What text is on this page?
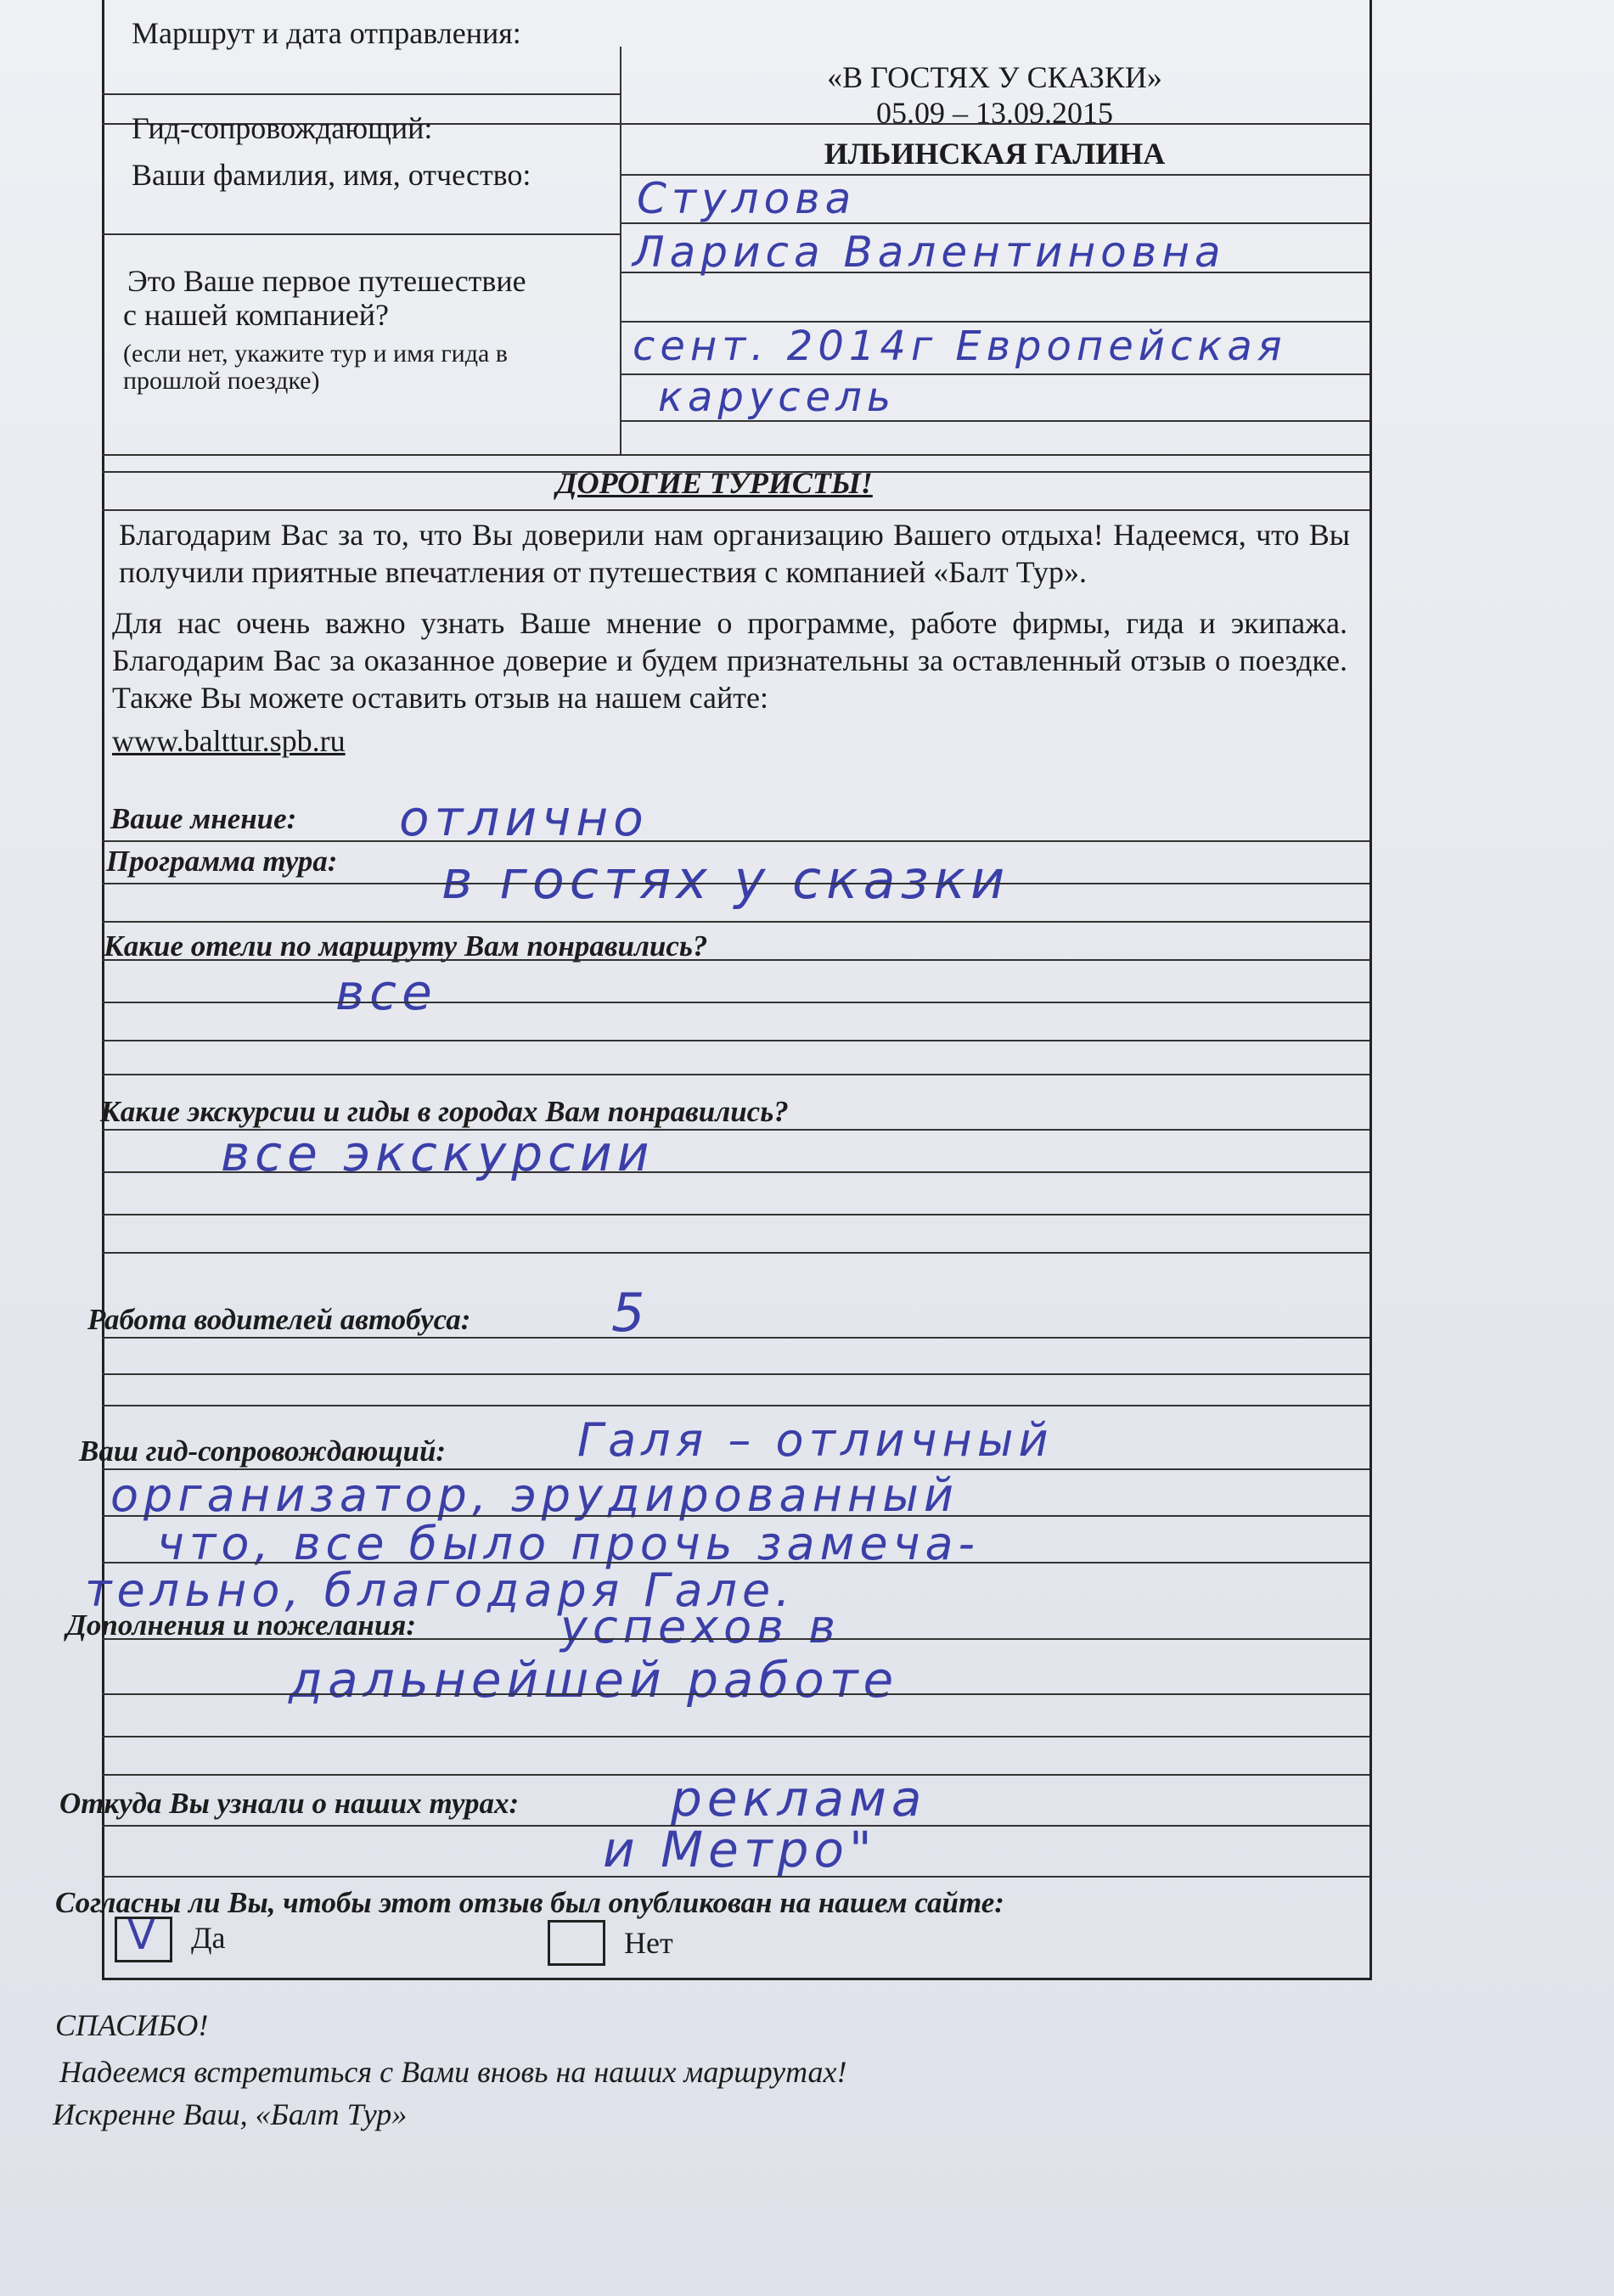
Маршрут и дата отправления:
«В ГОСТЯХ У СКАЗКИ»
05.09 – 13.09.2015
Гид-сопровождающий:
ИЛЬИНСКАЯ ГАЛИНА
Ваши фамилия, имя, отчество: Стулова
Лариса Валентиновна
Это Ваше первое путешествие
с нашей компанией?
(если нет, укажите тур и имя гида в
прошлой поездке)
сент. 2014г Европейская
карусель
ДОРОГИЕ ТУРИСТЫ!
Благодарим Вас за то, что Вы доверили нам организацию Вашего отдыха! Надеемся, что Вы получили приятные впечатления от путешествия с компанией «Балт Тур».
Для нас очень важно узнать Ваше мнение о программе, работе фирмы, гида и экипажа. Благодарим Вас за оказанное доверие и будем признательны за оставленный отзыв о поездке. Также Вы можете оставить отзыв на нашем сайте:
www.balttur.spb.ru
Ваше мнение: отлично
Программа тура: в гостях у сказки
Какие отели по маршруту Вам понравились?
все
Какие экскурсии и гиды в городах Вам понравились?
все экскурсии
Работа водителей автобуса:	5
Ваш гид-сопровождающий:	Галя – отличный
организатор, эрудированный
что, все было прочь замеча-
тельно, благодаря Гале.
Дополнения и пожелания:	успехов в
дальнейшей работе
Откуда Вы узнали о наших турах:	реклама
и Метро"
Согласны ли Вы, чтобы этот отзыв был опубликован на нашем сайте:
V Да	Нет
СПАСИБО!
Надеемся встретиться с Вами вновь на наших маршрутах!
Искренне Ваш, «Балт Тур»
